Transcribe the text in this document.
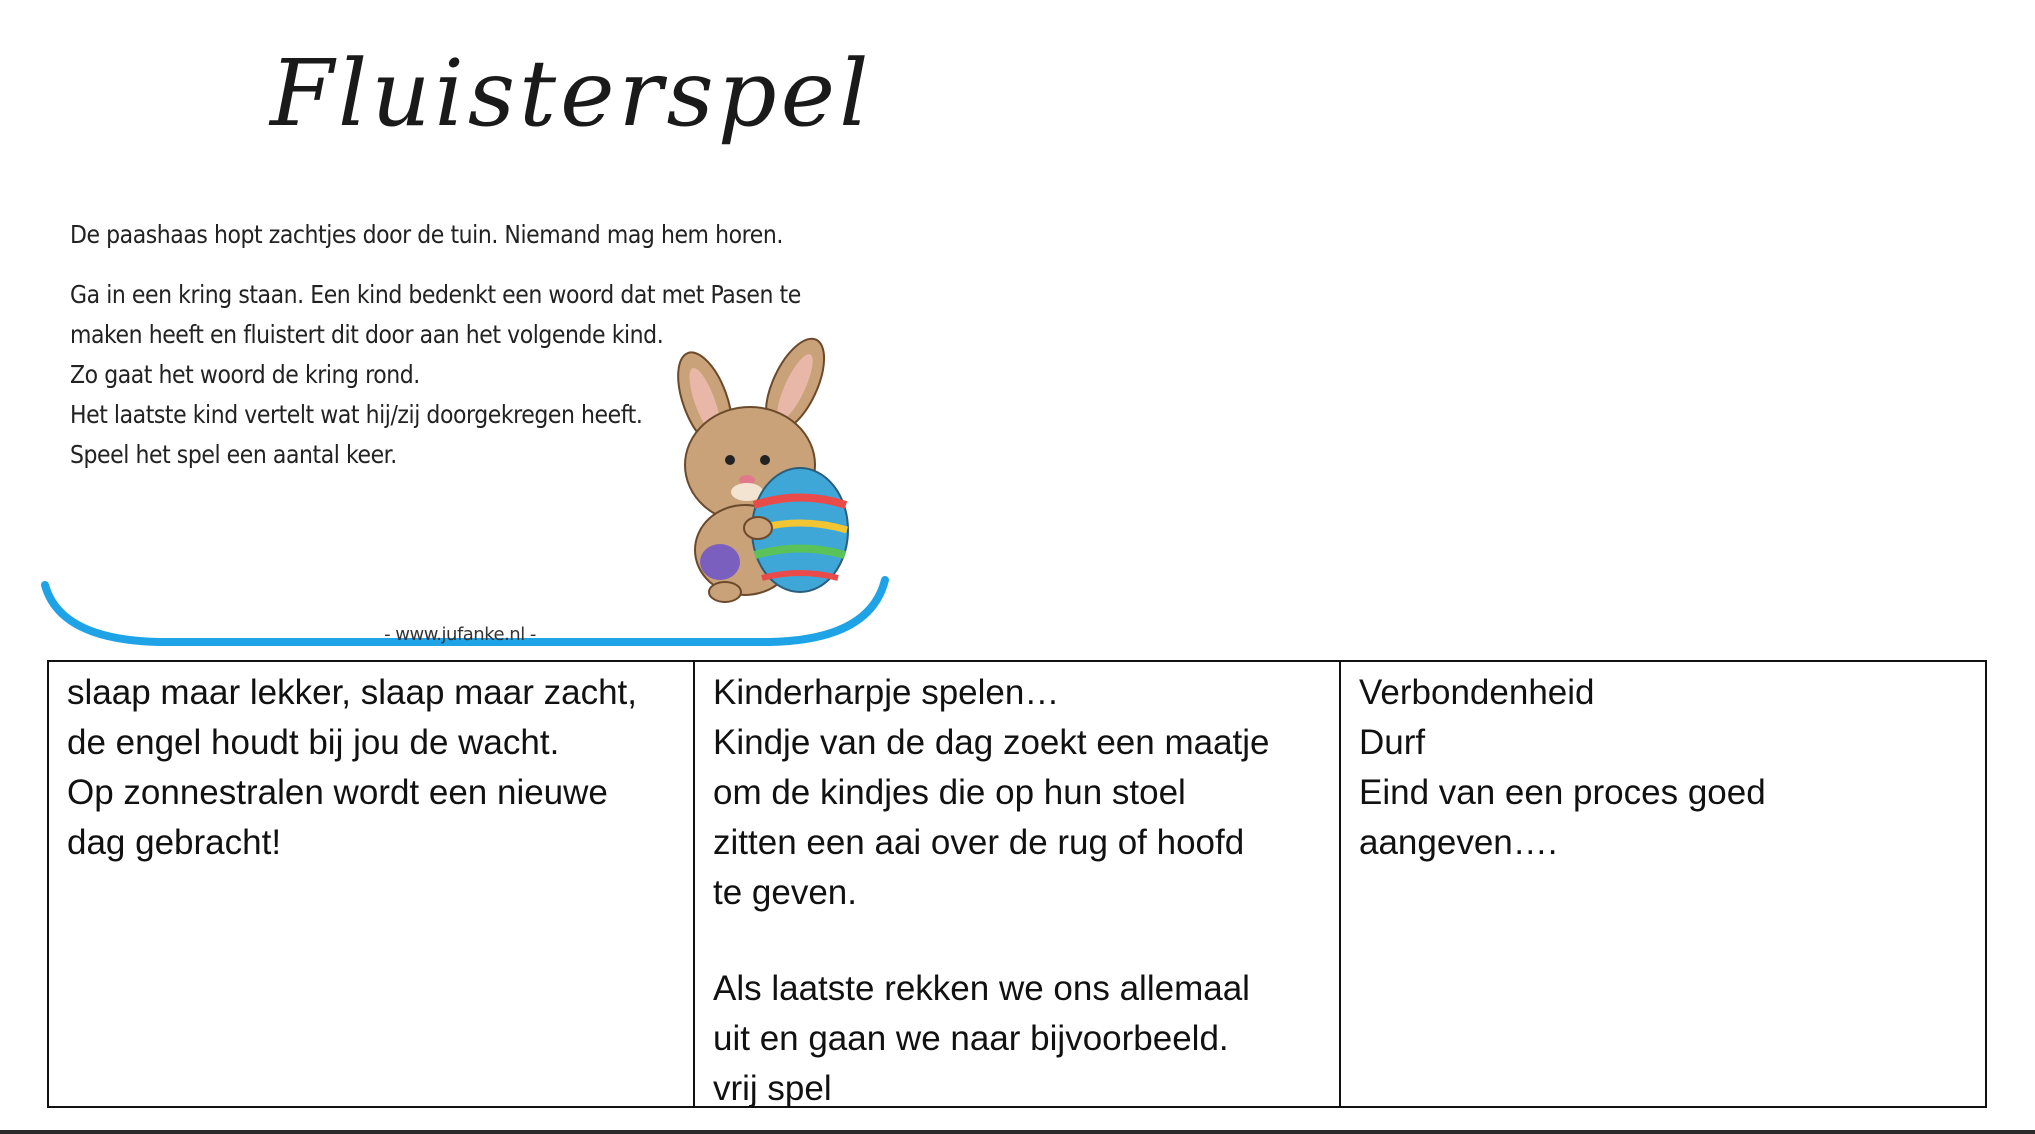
Fluisterspel
De paashaas hopt zachtjes door de tuin. Niemand mag hem horen.
Ga in een kring staan. Een kind bedenkt een woord dat met Pasen te
maken heeft en fluistert dit door aan het volgende kind.
Zo gaat het woord de kring rond.
Het laatste kind vertelt wat hij/zij doorgekregen heeft.
Speel het spel een aantal keer.
- www.jufanke.nl -
slaap maar lekker, slaap maar zacht,
de engel houdt bij jou de wacht.
Op zonnestralen wordt een nieuwe
dag gebracht!
Kinderharpje spelen…
Kindje van de dag zoekt een maatje
om de kindjes die op hun stoel
zitten een aai over de rug of hoofd
te geven.
Als laatste rekken we ons allemaal
uit en gaan we naar bijvoorbeeld.
vrij spel
Verbondenheid
Durf
Eind van een proces goed
aangeven….
